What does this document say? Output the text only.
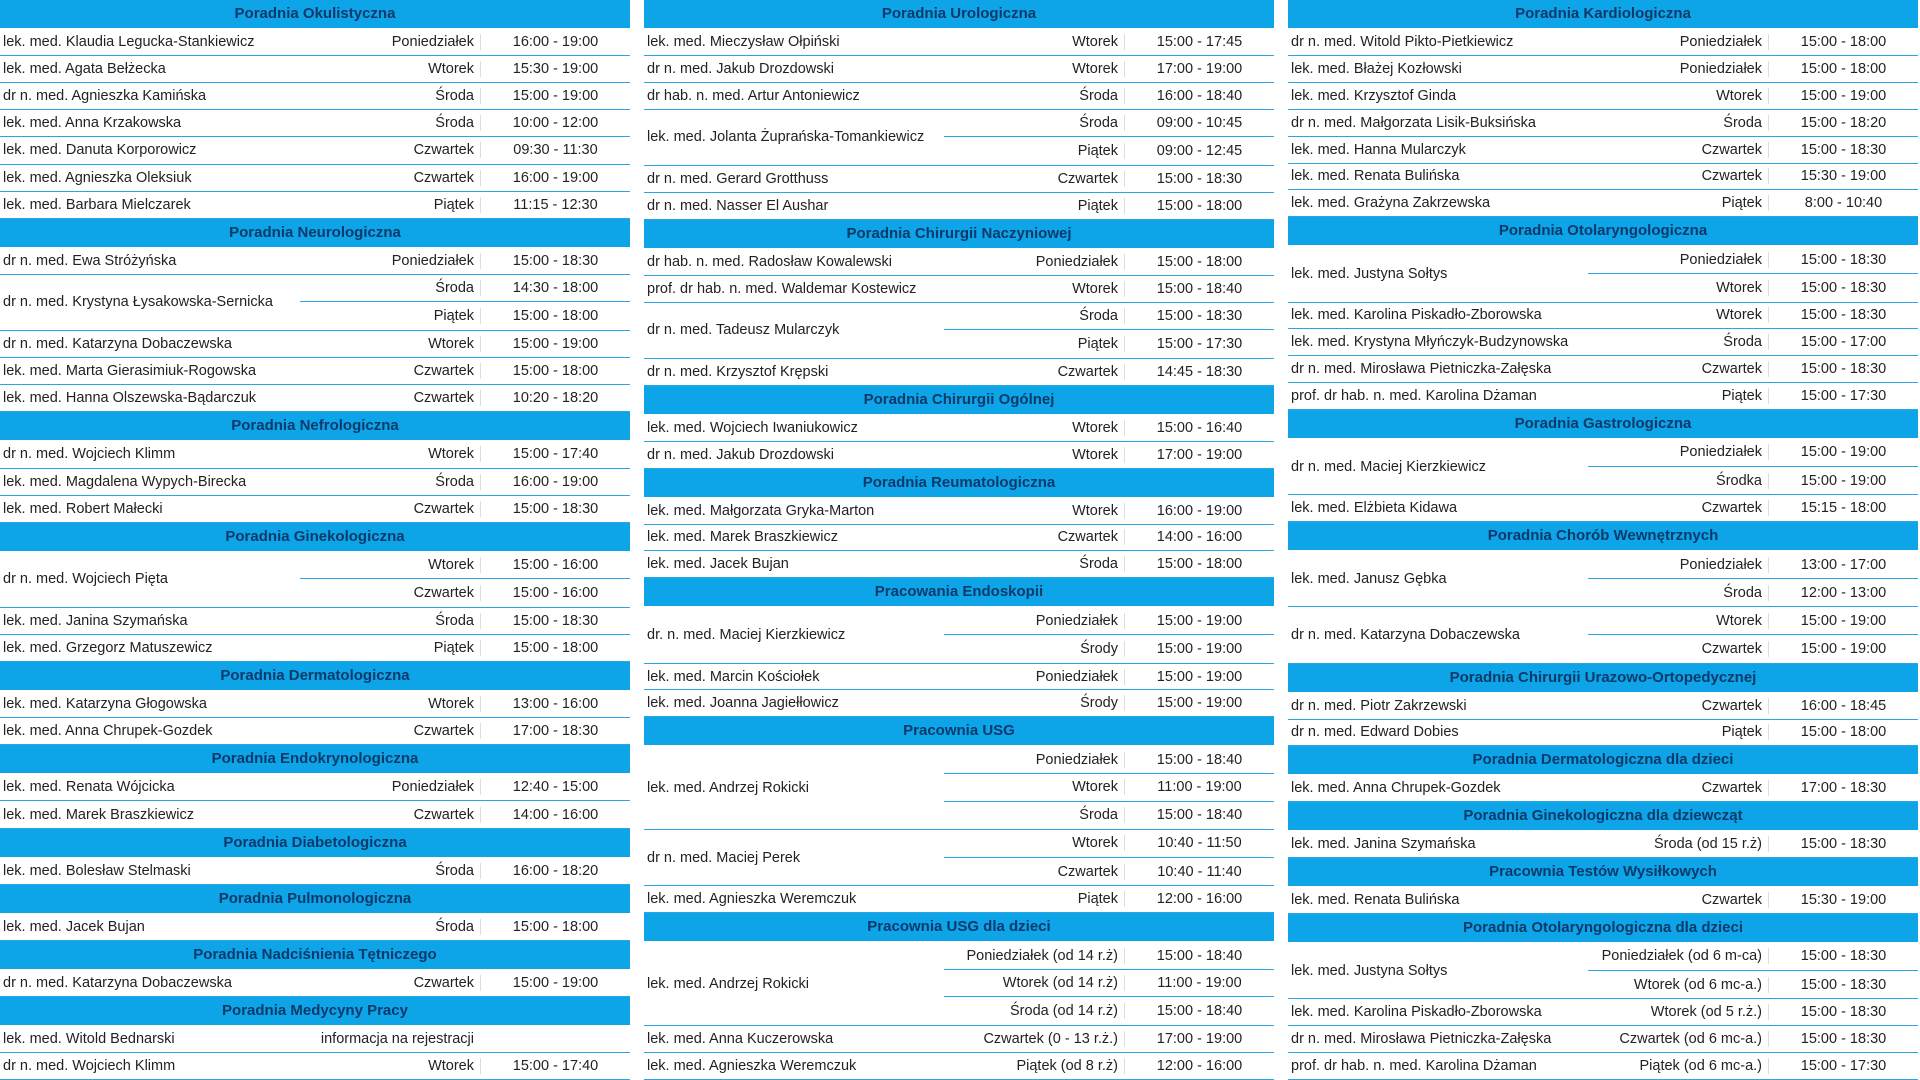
Poradnia Okulistyczna
lek. med. Klaudia Legucka-Stankiewicz	Poniedziałek	16:00 - 19:00
lek. med. Agata Bełżecka	Wtorek	15:30 - 19:00
dr n. med. Agnieszka Kamińska	Środa	15:00 - 19:00
lek. med. Anna Krzakowska	Środa	10:00 - 12:00
lek. med. Danuta Korporowicz	Czwartek	09:30 - 11:30
lek. med. Agnieszka Oleksiuk	Czwartek	16:00 - 19:00
lek. med. Barbara Mielczarek	Piątek	11:15 - 12:30
Poradnia Neurologiczna
dr n. med. Ewa Stróżyńska	Poniedziałek	15:00 - 18:30
dr n. med. Krystyna Łysakowska-Sernicka
Środa	14:30 - 18:00
Piątek	15:00 - 18:00
dr n. med. Katarzyna Dobaczewska	Wtorek	15:00 - 19:00
lek. med. Marta Gierasimiuk-Rogowska	Czwartek	15:00 - 18:00
lek. med. Hanna Olszewska-Bądarczuk	Czwartek	10:20 - 18:20
Poradnia Nefrologiczna
dr n. med. Wojciech Klimm	Wtorek	15:00 - 17:40
lek. med. Magdalena Wypych-Birecka	Środa	16:00 - 19:00
lek. med. Robert Małecki	Czwartek	15:00 - 18:30
Poradnia Ginekologiczna
dr n. med. Wojciech Pięta
Wtorek	15:00 - 16:00
Czwartek	15:00 - 16:00
lek. med. Janina Szymańska	Środa	15:00 - 18:30
lek. med. Grzegorz Matuszewicz	Piątek	15:00 - 18:00
Poradnia Dermatologiczna
lek. med. Katarzyna Głogowska	Wtorek	13:00 - 16:00
lek. med. Anna Chrupek-Gozdek	Czwartek	17:00 - 18:30
Poradnia Endokrynologiczna
lek. med. Renata Wójcicka	Poniedziałek	12:40 - 15:00
lek. med. Marek Braszkiewicz	Czwartek	14:00 - 16:00
Poradnia Diabetologiczna
lek. med. Bolesław Stelmaski	Środa	16:00 - 18:20
Poradnia Pulmonologiczna
lek. med. Jacek Bujan	Środa	15:00 - 18:00
Poradnia Nadciśnienia Tętniczego
dr n. med. Katarzyna Dobaczewska	Czwartek	15:00 - 19:00
Poradnia Medycyny Pracy
lek. med. Witold Bednarski	informacja na rejestracji
dr n. med. Wojciech Klimm	Wtorek	15:00 - 17:40
Poradnia Urologiczna
lek. med. Mieczysław Ołpiński	Wtorek	15:00 - 17:45
dr n. med. Jakub Drozdowski	Wtorek	17:00 - 19:00
dr hab. n. med. Artur Antoniewicz	Środa	16:00 - 18:40
lek. med. Jolanta Żuprańska-Tomankiewicz
Środa	09:00 - 10:45
Piątek	09:00 - 12:45
dr n. med. Gerard Grotthuss	Czwartek	15:00 - 18:30
dr n. med. Nasser El Aushar	Piątek	15:00 - 18:00
Poradnia Chirurgii Naczyniowej
dr hab. n. med. Radosław Kowalewski	Poniedziałek	15:00 - 18:00
prof. dr hab. n. med. Waldemar Kostewicz	Wtorek	15:00 - 18:40
dr n. med. Tadeusz Mularczyk
Środa	15:00 - 18:30
Piątek	15:00 - 17:30
dr n. med. Krzysztof Krępski	Czwartek	14:45 - 18:30
Poradnia Chirurgii Ogólnej
lek. med. Wojciech Iwaniukowicz	Wtorek	15:00 - 16:40
dr n. med. Jakub Drozdowski	Wtorek	17:00 - 19:00
Poradnia Reumatologiczna
lek. med. Małgorzata Gryka-Marton	Wtorek	16:00 - 19:00
lek. med. Marek Braszkiewicz	Czwartek	14:00 - 16:00
lek. med. Jacek Bujan	Środa	15:00 - 18:00
Pracowania Endoskopii
dr. n. med. Maciej Kierzkiewicz
Poniedziałek	15:00 - 19:00
Środy	15:00 - 19:00
lek. med. Marcin Kościołek	Poniedziałek	15:00 - 19:00
lek. med. Joanna Jagiełłowicz	Środy	15:00 - 19:00
Pracownia USG
lek. med. Andrzej Rokicki
Poniedziałek	15:00 - 18:40
Wtorek	11:00 - 19:00
Środa	15:00 - 18:40
dr n. med. Maciej Perek
Wtorek	10:40 - 11:50
Czwartek	10:40 - 11:40
lek. med. Agnieszka Weremczuk	Piątek	12:00 - 16:00
Pracownia USG dla dzieci
lek. med. Andrzej Rokicki
Poniedziałek (od 14 r.ż)	15:00 - 18:40
Wtorek (od 14 r.ż)	11:00 - 19:00
Środa (od 14 r.ż)	15:00 - 18:40
lek. med. Anna Kuczerowska	Czwartek (0 - 13 r.ż.)	17:00 - 19:00
lek. med. Agnieszka Weremczuk	Piątek (od 8 r.ż)	12:00 - 16:00
Poradnia Kardiologiczna
dr n. med. Witold Pikto-Pietkiewicz	Poniedziałek	15:00 - 18:00
lek. med. Błażej Kozłowski	Poniedziałek	15:00 - 18:00
lek. med. Krzysztof Ginda	Wtorek	15:00 - 19:00
dr n. med. Małgorzata Lisik-Buksińska	Środa	15:00 - 18:20
lek. med. Hanna Mularczyk	Czwartek	15:00 - 18:30
lek. med. Renata Bulińska	Czwartek	15:30 - 19:00
lek. med. Grażyna Zakrzewska	Piątek	8:00 - 10:40
Poradnia Otolaryngologiczna
lek. med. Justyna Sołtys
Poniedziałek	15:00 - 18:30
Wtorek	15:00 - 18:30
lek. med. Karolina Piskadło-Zborowska	Wtorek	15:00 - 18:30
lek. med. Krystyna Młyńczyk-Budzynowska	Środa	15:00 - 17:00
dr n. med. Mirosława Pietniczka-Załęska	Czwartek	15:00 - 18:30
prof. dr hab. n. med. Karolina Dżaman	Piątek	15:00 - 17:30
Poradnia Gastrologiczna
dr n. med. Maciej Kierzkiewicz
Poniedziałek	15:00 - 19:00
Środka	15:00 - 19:00
lek. med. Elżbieta Kidawa	Czwartek	15:15 - 18:00
Poradnia Chorób Wewnętrznych
lek. med. Janusz Gębka
Poniedziałek	13:00 - 17:00
Środa	12:00 - 13:00
dr n. med. Katarzyna Dobaczewska
Wtorek	15:00 - 19:00
Czwartek	15:00 - 19:00
Poradnia Chirurgii Urazowo-Ortopedycznej
dr n. med. Piotr Zakrzewski	Czwartek	16:00 - 18:45
dr n. med. Edward Dobies	Piątek	15:00 - 18:00
Poradnia Dermatologiczna dla dzieci
lek. med. Anna Chrupek-Gozdek	Czwartek	17:00 - 18:30
Poradnia Ginekologiczna dla dziewcząt
lek. med. Janina Szymańska	Środa (od 15 r.ż)	15:00 - 18:30
Pracownia Testów Wysiłkowych
lek. med. Renata Bulińska	Czwartek	15:30 - 19:00
Poradnia Otolaryngologiczna dla dzieci
lek. med. Justyna Sołtys
Poniedziałek (od 6 m-ca)	15:00 - 18:30
Wtorek (od 6 mc-a.)	15:00 - 18:30
lek. med. Karolina Piskadło-Zborowska	Wtorek (od 5 r.ż.)	15:00 - 18:30
dr n. med. Mirosława Pietniczka-Załęska	Czwartek (od 6 mc-a.)	15:00 - 18:30
prof. dr hab. n. med. Karolina Dżaman	Piątek (od 6 mc-a.)	15:00 - 17:30
